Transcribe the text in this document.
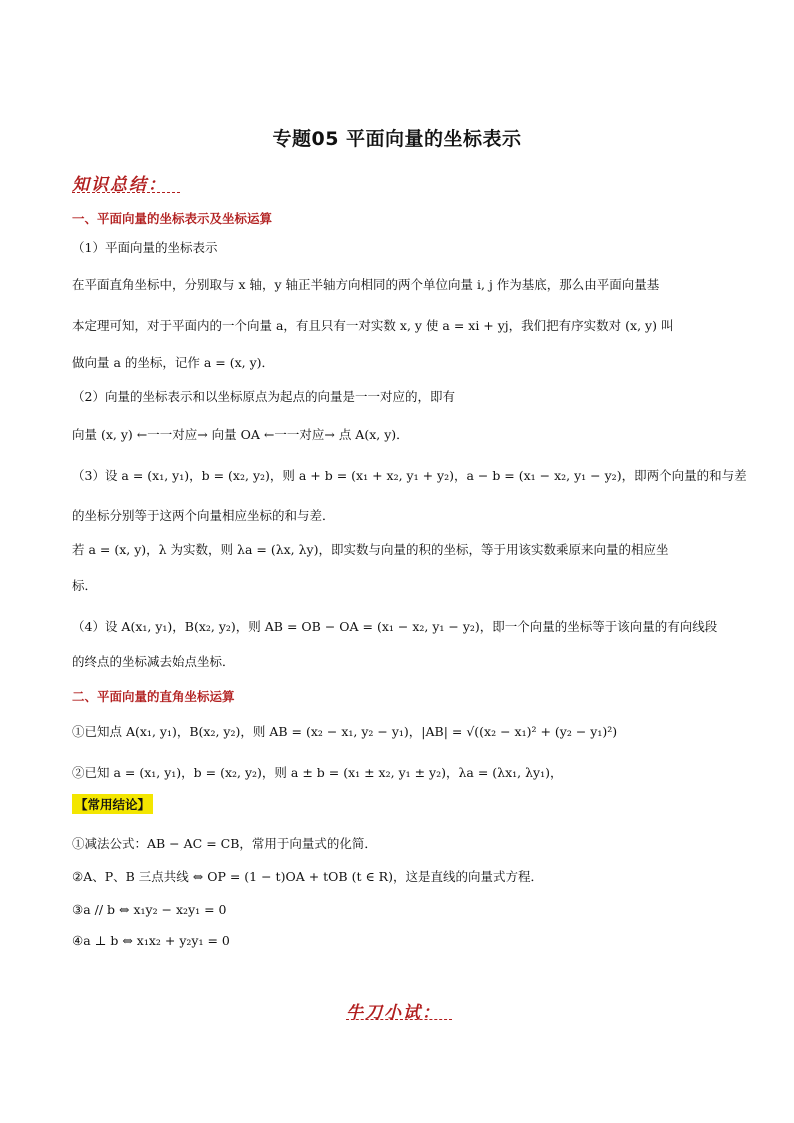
专题05 平面向量的坐标表示
知识总结：
一、平面向量的坐标表示及坐标运算
（1）平面向量的坐标表示
在平面直角坐标中，分别取与 x 轴，y 轴正半轴方向相同的两个单位向量 i, j 作为基底，那么由平面向量基
本定理可知，对于平面内的一个向量 a，有且只有一对实数 x, y 使 a = xi + yj，我们把有序实数对 (x, y) 叫
做向量 a 的坐标，记作 a = (x, y)．
（2）向量的坐标表示和以坐标原点为起点的向量是一一对应的，即有
向量 (x, y) ←一一对应→ 向量 OA ←一一对应→ 点 A(x, y)．
（3）设 a = (x₁, y₁)，b = (x₂, y₂)，则 a + b = (x₁ + x₂, y₁ + y₂)，a − b = (x₁ − x₂, y₁ − y₂)，即两个向量的和与差
的坐标分别等于这两个向量相应坐标的和与差．
若 a = (x, y)，λ 为实数，则 λa = (λx, λy)，即实数与向量的积的坐标，等于用该实数乘原来向量的相应坐
标．
（4）设 A(x₁, y₁)，B(x₂, y₂)，则 AB = OB − OA = (x₁ − x₂, y₁ − y₂)，即一个向量的坐标等于该向量的有向线段
的终点的坐标减去始点坐标．
二、平面向量的直角坐标运算
①已知点 A(x₁, y₁)，B(x₂, y₂)，则 AB = (x₂ − x₁, y₂ − y₁)，|AB| = √((x₂ − x₁)² + (y₂ − y₁)²)
②已知 a = (x₁, y₁)，b = (x₂, y₂)，则 a ± b = (x₁ ± x₂, y₁ ± y₂)，λa = (λx₁, λy₁)，
【常用结论】
①减法公式：AB − AC = CB，常用于向量式的化简．
②A、P、B 三点共线 ⇔ OP = (1 − t)OA + tOB (t ∈ R)，这是直线的向量式方程．
③a // b ⇔ x₁y₂ − x₂y₁ = 0
④a ⊥ b ⇔ x₁x₂ + y₂y₁ = 0
牛刀小试：
